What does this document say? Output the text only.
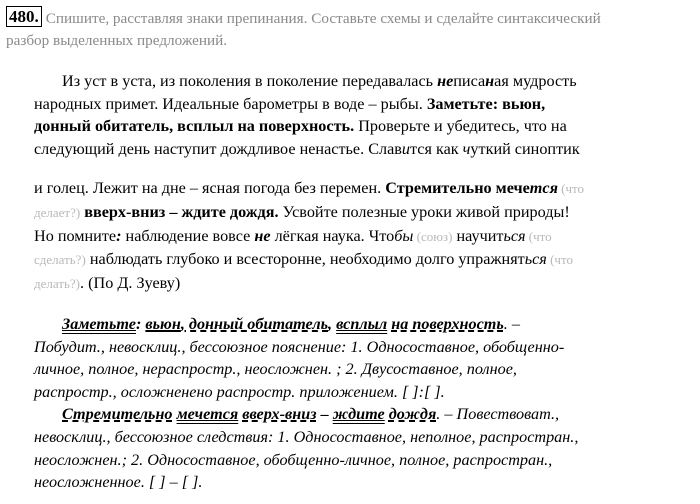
480. Спишите, расставляя знаки препинания. Составьте схемы и сделайте синтаксический
разбор выделенных предложений.
Из уст в уста, из поколения в поколение передавалась неписаная мудрость
народных примет. Идеальные барометры в воде – рыбы. Заметьте: вьюн,
донный обитатель, всплыл на поверхность. Проверьте и убедитесь, что на
следующий день наступит дождливое ненастье. Славится как чуткий синоптик
и голец. Лежит на дне – ясная погода без перемен. Стремительно мечется (что
делает?) вверх-вниз – ждите дождя. Усвойте полезные уроки живой природы!
Но помните: наблюдение вовсе не лёгкая наука. Чтобы (союз) научиться (что
сделать?) наблюдать глубоко и всесторонне, необходимо долго упражняться (что
делать?). (По Д. Зуеву)
Заметьте: вьюн, донный обитатель, всплыл на поверхность. –
Побудит., невосклиц., бессоюзное пояснение: 1. Односоставное, обобщенно-
личное, полное, нераспростр., неосложнен. ; 2. Двусоставное, полное,
распростр., осложненено распростр. приложением. [ ]:[ ].
Стремительно мечется вверх-вниз – ждите дождя. – Повествоват.,
невосклиц., бессоюзное следствия: 1. Односоставное, неполное, распростран.,
неосложнен.; 2. Односоставное, обобщенно-личное, полное, распростран.,
неосложненное. [ ] – [ ].
